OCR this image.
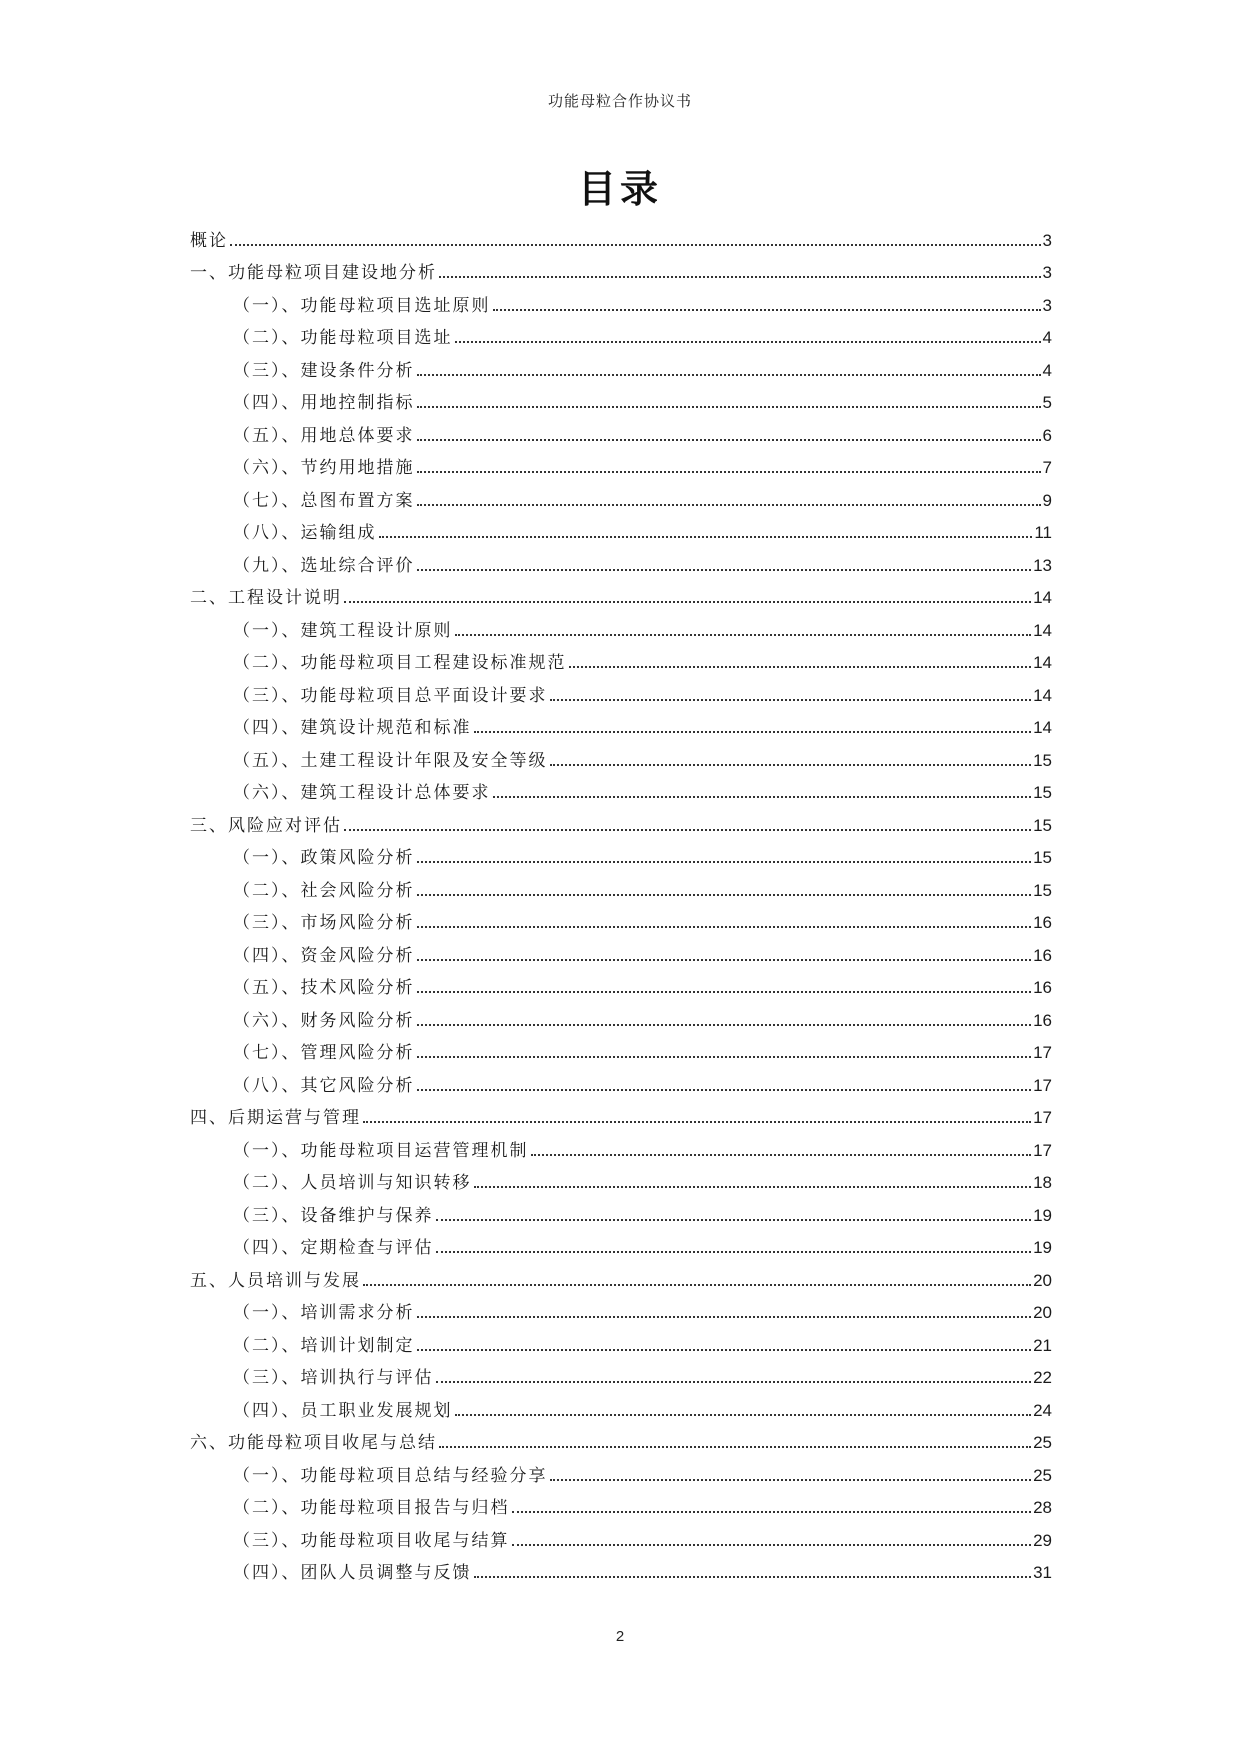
功能母粒合作协议书
目录
概论	3
一、功能母粒项目建设地分析	3
（一）、功能母粒项目选址原则	3
（二）、功能母粒项目选址	4
（三）、建设条件分析	4
（四）、用地控制指标	5
（五）、用地总体要求	6
（六）、节约用地措施	7
（七）、总图布置方案	9
（八）、运输组成	11
（九）、选址综合评价	13
二、工程设计说明	14
（一）、建筑工程设计原则	14
（二）、功能母粒项目工程建设标准规范	14
（三）、功能母粒项目总平面设计要求	14
（四）、建筑设计规范和标准	14
（五）、土建工程设计年限及安全等级	15
（六）、建筑工程设计总体要求	15
三、风险应对评估	15
（一）、政策风险分析	15
（二）、社会风险分析	15
（三）、市场风险分析	16
（四）、资金风险分析	16
（五）、技术风险分析	16
（六）、财务风险分析	16
（七）、管理风险分析	17
（八）、其它风险分析	17
四、后期运营与管理	17
（一）、功能母粒项目运营管理机制	17
（二）、人员培训与知识转移	18
（三）、设备维护与保养	19
（四）、定期检查与评估	19
五、人员培训与发展	20
（一）、培训需求分析	20
（二）、培训计划制定	21
（三）、培训执行与评估	22
（四）、员工职业发展规划	24
六、功能母粒项目收尾与总结	25
（一）、功能母粒项目总结与经验分享	25
（二）、功能母粒项目报告与归档	28
（三）、功能母粒项目收尾与结算	29
（四）、团队人员调整与反馈	31
2
